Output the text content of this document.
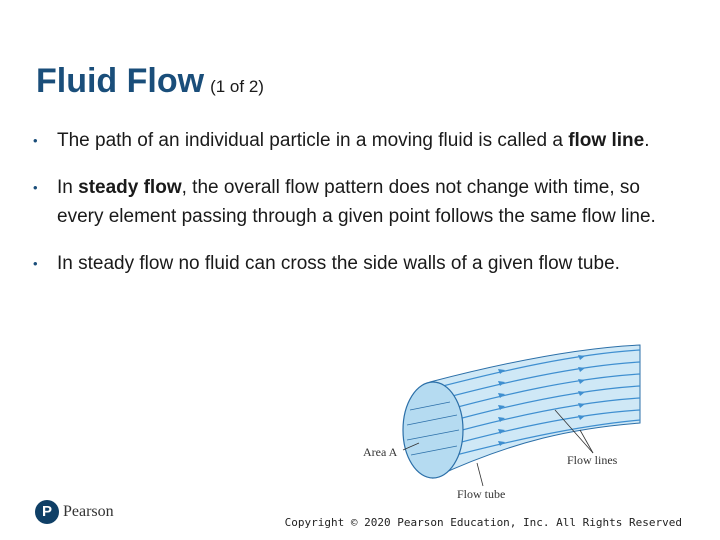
Fluid Flow (1 of 2)
• The path of an individual particle in a moving fluid is called a flow line.
• In steady flow, the overall flow pattern does not change with time, so every element passing through a given point follows the same flow line.
• In steady flow no fluid can cross the side walls of a given flow tube.
Area A
Flow lines
Flow tube
P Pearson
Copyright © 2020 Pearson Education, Inc. All Rights Reserved
